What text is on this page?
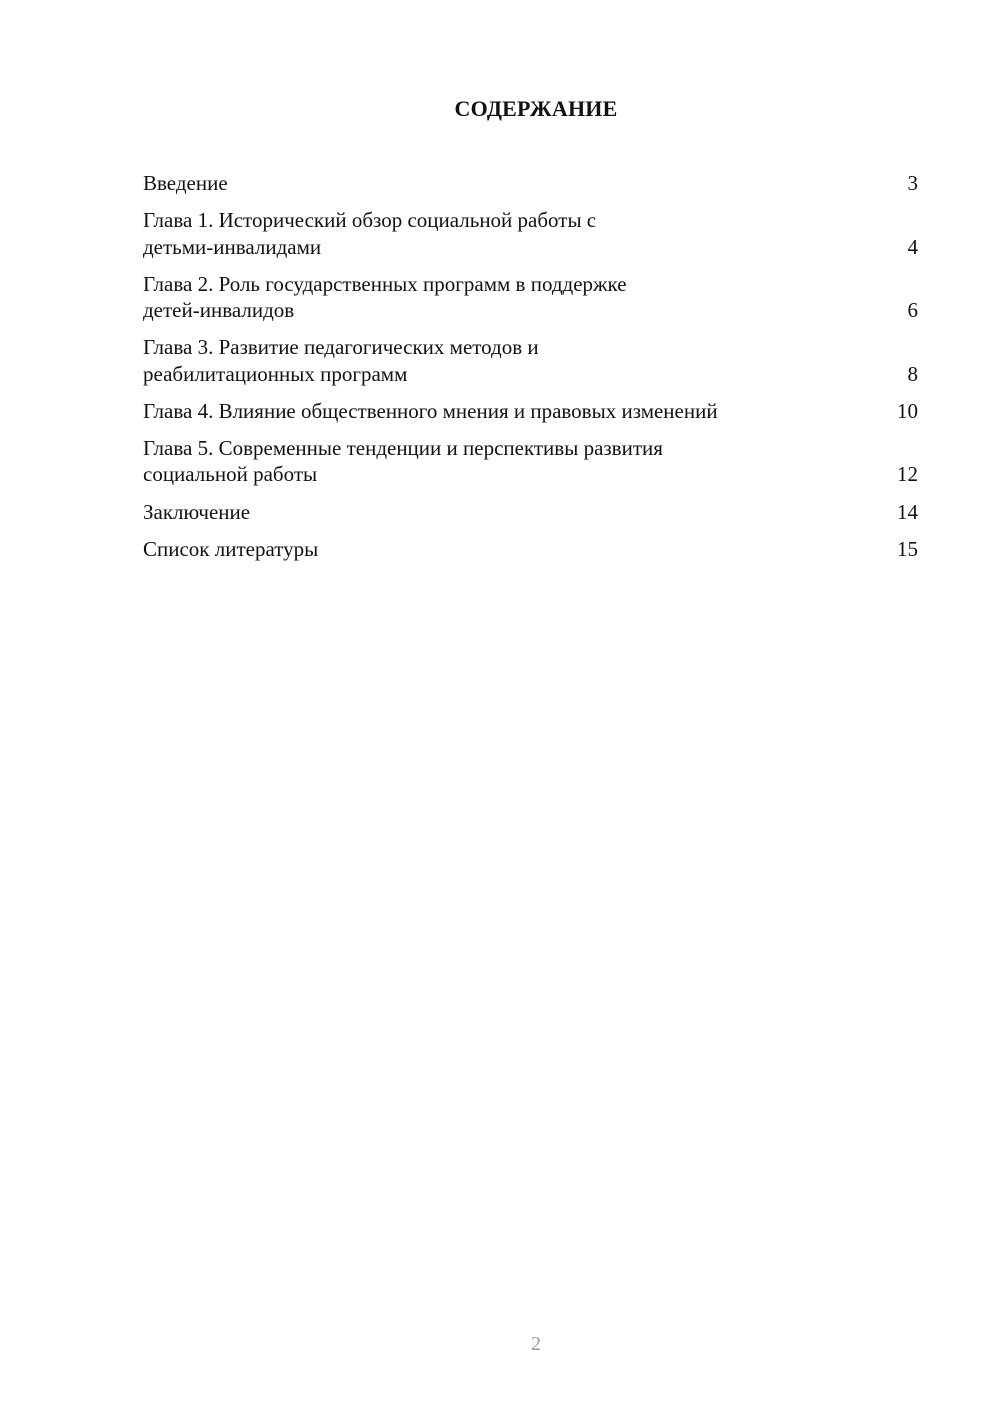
СОДЕРЖАНИЕ
Введение	3
Глава 1. Исторический обзор социальной работы с
детьми-инвалидами	4
Глава 2. Роль государственных программ в поддержке
детей-инвалидов	6
Глава 3. Развитие педагогических методов и
реабилитационных программ	8
Глава 4. Влияние общественного мнения и правовых изменений	10
Глава 5. Современные тенденции и перспективы развития
социальной работы	12
Заключение	14
Список литературы	15
2
